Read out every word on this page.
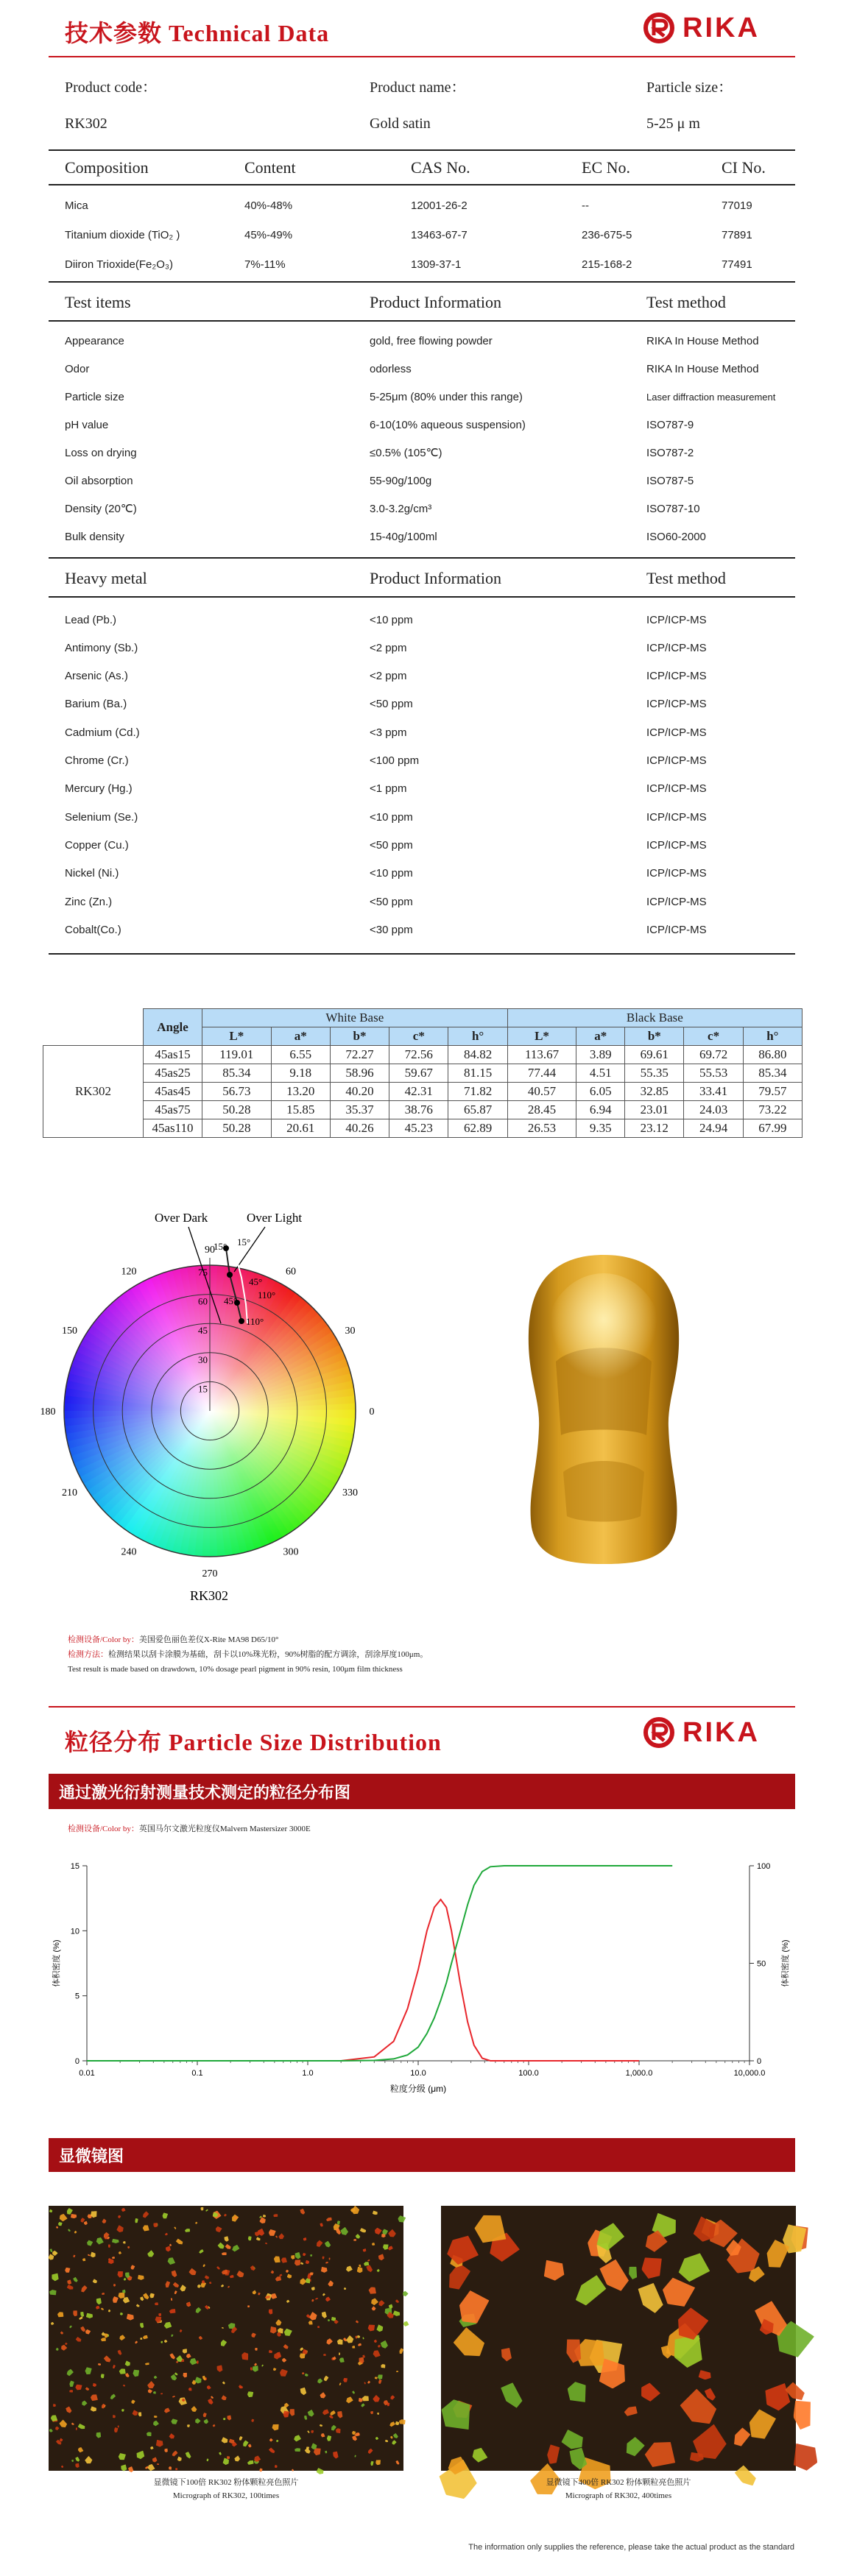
技术参数 Technical Data	RIKA
Product code：	Product name：	Particle size：
RK302	Gold satin	5-25 μ m
Composition	Content	CAS No.	EC No.	CI No.
Mica	40%-48%	12001-26-2	--	77019
Titanium dioxide (TiO₂ )	45%-49%	13463-67-7	236-675-5	77891
Diiron Trioxide(Fe₂O₃)	7%-11%	1309-37-1	215-168-2	77491
Test items	Product Information	Test method
Appearance	gold, free flowing powder	RIKA In House Method
Odor	odorless	RIKA In House Method
Particle size	5-25μm (80% under this range)	Laser diffraction measurement
pH value	6-10(10% aqueous suspension)	ISO787-9
Loss on drying	≤0.5% (105℃)	ISO787-2
Oil absorption	55-90g/100g	ISO787-5
Density (20℃)	3.0-3.2g/cm³	ISO787-10
Bulk density	15-40g/100ml	ISO60-2000
Heavy metal	Product Information	Test method
Lead (Pb.)	<10 ppm	ICP/ICP-MS
Antimony (Sb.)	<2 ppm	ICP/ICP-MS
Arsenic (As.)	<2 ppm	ICP/ICP-MS
Barium (Ba.)	<50 ppm	ICP/ICP-MS
Cadmium (Cd.)	<3 ppm	ICP/ICP-MS
Chrome (Cr.)	<100 ppm	ICP/ICP-MS
Mercury (Hg.)	<1 ppm	ICP/ICP-MS
Selenium (Se.)	<10 ppm	ICP/ICP-MS
Copper (Cu.)	<50 ppm	ICP/ICP-MS
Nickel (Ni.)	<10 ppm	ICP/ICP-MS
Zinc (Zn.)	<50 ppm	ICP/ICP-MS
Cobalt(Co.)	<30 ppm	ICP/ICP-MS
	Angle	White Base					Black Base				
		L*	a*	b*	c*	h°	L*	a*	b*	c*	h°
RK302	45as15	119.01	6.55	72.27	72.56	84.82	113.67	3.89	69.61	69.72	86.80
	45as25	85.34	9.18	58.96	59.67	81.15	77.44	4.51	55.35	55.53	85.34
	45as45	56.73	13.20	40.20	42.31	71.82	40.57	6.05	32.85	33.41	79.57
	45as75	50.28	15.85	35.37	38.76	65.87	28.45	6.94	23.01	24.03	73.22
	45as110	50.28	20.61	40.26	45.23	62.89	26.53	9.35	23.12	24.94	67.99
0
30
60
90
120
150
180
210
240
270
300
330
15
30
45
60
75
Over Dark	Over Light
15° 15°
45°
45°
110°
110°
RK302
检测设备/Color by：美国爱色丽色差仪X-Rite MA98 D65/10°
检测方法：检测结果以刮卡涂膜为基础，刮卡以10%珠光粉，90%树脂的配方调涂，刮涂厚度100μm。
Test result is made based on drawdown, 10% dosage pearl pigment in 90% resin, 100μm film thickness
粒径分布 Particle Size Distribution	RIKA
通过激光衍射测量技术测定的粒径分布图
检测设备/Color by：英国马尔文激光粒度仪Malvern Mastersizer 3000E
0.01	0.1	1.0	10.0	100.0	1,000.0	10,000.0
0
5
10
15
0
50
100
体积密度 (%)	体积密度 (%)
粒度分级 (μm)
显微镜图
显微镜下100倍 RK302 粉体颗粒亮色照片
Micrograph of RK302, 100times
显微镜下400倍 RK302 粉体颗粒亮色照片
Micrograph of RK302, 400times
The information only supplies the reference, please take the actual product as the standard
